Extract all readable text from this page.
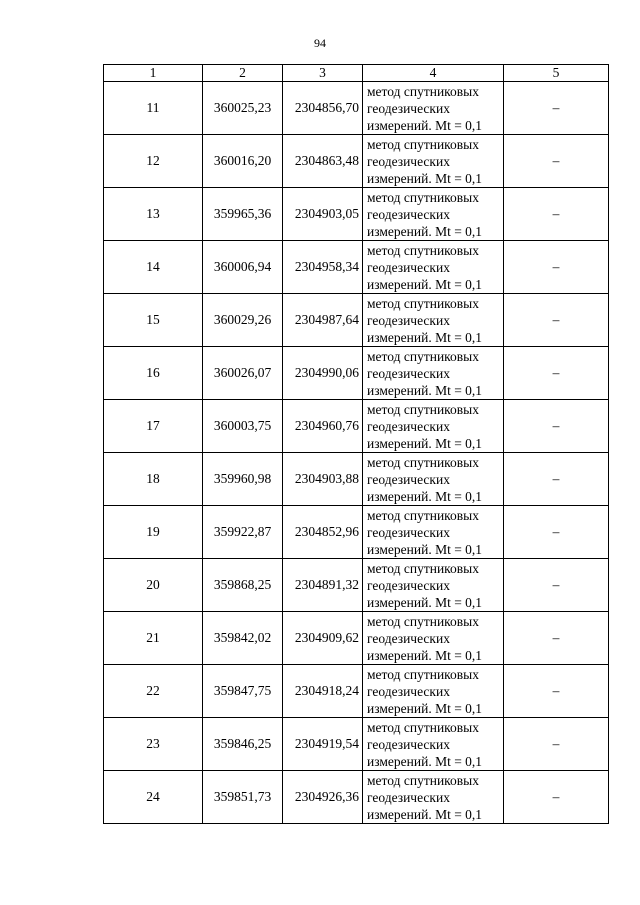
94
1	2	3	4	5
11	360025,23	2304856,70	метод спутниковых
геодезических
измерений. Mt = 0,1	–
12	360016,20	2304863,48	метод спутниковых
геодезических
измерений. Mt = 0,1	–
13	359965,36	2304903,05	метод спутниковых
геодезических
измерений. Mt = 0,1	–
14	360006,94	2304958,34	метод спутниковых
геодезических
измерений. Mt = 0,1	–
15	360029,26	2304987,64	метод спутниковых
геодезических
измерений. Mt = 0,1	–
16	360026,07	2304990,06	метод спутниковых
геодезических
измерений. Mt = 0,1	–
17	360003,75	2304960,76	метод спутниковых
геодезических
измерений. Mt = 0,1	–
18	359960,98	2304903,88	метод спутниковых
геодезических
измерений. Mt = 0,1	–
19	359922,87	2304852,96	метод спутниковых
геодезических
измерений. Mt = 0,1	–
20	359868,25	2304891,32	метод спутниковых
геодезических
измерений. Mt = 0,1	–
21	359842,02	2304909,62	метод спутниковых
геодезических
измерений. Mt = 0,1	–
22	359847,75	2304918,24	метод спутниковых
геодезических
измерений. Mt = 0,1	–
23	359846,25	2304919,54	метод спутниковых
геодезических
измерений. Mt = 0,1	–
24	359851,73	2304926,36	метод спутниковых
геодезических
измерений. Mt = 0,1	–
